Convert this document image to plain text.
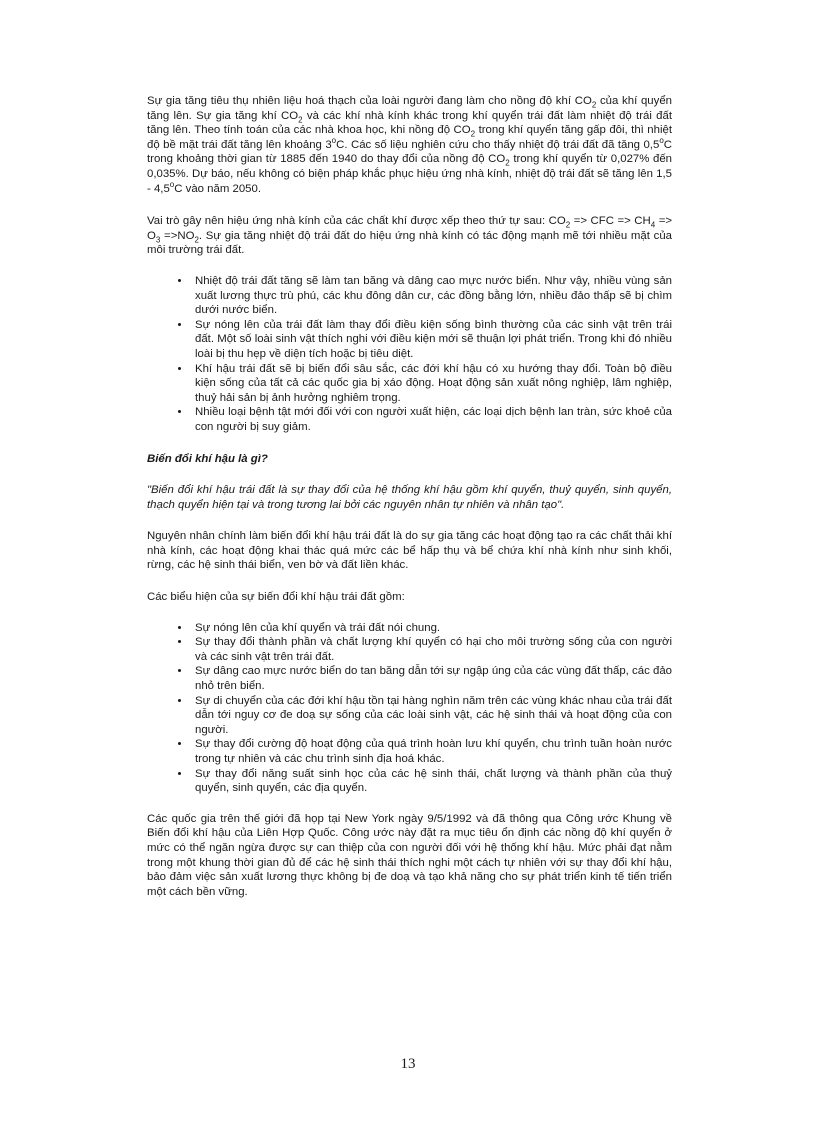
Sự gia tăng tiêu thụ nhiên liệu hoá thạch của loài người đang làm cho nồng độ khí $CO_2$ của khí quyển tăng lên. Sự gia tăng khí $CO_2$ và các khí nhà kính khác trong khí quyển trái đất làm nhiệt độ trái đất tăng lên. Theo tính toán của các nhà khoa học, khi nồng độ $CO_2$ trong khí quyển tăng gấp đôi, thì nhiệt độ bề mặt trái đất tăng lên khoảng 3$^o$C. Các số liệu nghiên cứu cho thấy nhiệt độ trái đất đã tăng 0,5$^o$C trong khoảng thời gian từ 1885 đến 1940 do thay đổi của nồng độ $CO_2$ trong khí quyển từ 0,027% đến 0,035%. Dự báo, nếu không có biện pháp khắc phục hiệu ứng nhà kính, nhiệt độ trái đất sẽ tăng lên 1,5 - 4,5$^o$C vào năm 2050.

Vai trò gây nên hiệu ứng nhà kính của các chất khí được xếp theo thứ tự sau: $CO_2$ => CFC => $CH_4 => O_3 =>NO_2$. Sự gia tăng nhiệt độ trái đất do hiệu ứng nhà kính có tác động mạnh mẽ tới nhiều mặt của môi trường trái đất.

• Nhiệt độ trái đất tăng sẽ làm tan băng và dâng cao mực nước biển. Như vậy, nhiều vùng sản xuất lương thực trù phú, các khu đông dân cư, các đồng bằng lớn, nhiều đảo thấp sẽ bị chìm dưới nước biển.
• Sự nóng lên của trái đất làm thay đổi điều kiện sống bình thường của các sinh vật trên trái đất. Một số loài sinh vật thích nghi với điều kiện mới sẽ thuận lợi phát triển. Trong khi đó nhiều loài bị thu hẹp về diện tích hoặc bị tiêu diệt.
• Khí hậu trái đất sẽ bị biến đổi sâu sắc, các đới khí hậu có xu hướng thay đổi. Toàn bộ điều kiện sống của tất cả các quốc gia bị xáo động. Hoạt động sản xuất nông nghiệp, lâm nghiệp, thuỷ hải sản bị ảnh hưởng nghiêm trọng.
• Nhiều loại bệnh tật mới đối với con người xuất hiện, các loại dịch bệnh lan tràn, sức khoẻ của con người bị suy giảm.

Biến đổi khí hậu là gì?

"Biến đổi khí hậu trái đất là sự thay đổi của hệ thống khí hậu gồm khí quyển, thuỷ quyển, sinh quyển, thạch quyển hiện tại và trong tương lai bởi các nguyên nhân tự nhiên và nhân tạo".

Nguyên nhân chính làm biến đổi khí hậu trái đất là do sự gia tăng các hoạt động tạo ra các chất thải khí nhà kính, các hoạt động khai thác quá mức các bể hấp thụ và bể chứa khí nhà kính như sinh khối, rừng, các hệ sinh thái biển, ven bờ và đất liền khác.

Các biểu hiện của sự biến đổi khí hậu trái đất gồm:

• Sự nóng lên của khí quyển và trái đất nói chung.
• Sự thay đổi thành phần và chất lượng khí quyển có hại cho môi trường sống của con người và các sinh vật trên trái đất.
• Sự dâng cao mực nước biển do tan băng dẫn tới sự ngập úng của các vùng đất thấp, các đảo nhỏ trên biển.
• Sự di chuyển của các đới khí hậu tồn tại hàng nghìn năm trên các vùng khác nhau của trái đất dẫn tới nguy cơ đe doạ sự sống của các loài sinh vật, các hệ sinh thái và hoạt động của con người.
• Sự thay đổi cường độ hoạt động của quá trình hoàn lưu khí quyển, chu trình tuần hoàn nước trong tự nhiên và các chu trình sinh địa hoá khác.
• Sự thay đổi năng suất sinh học của các hệ sinh thái, chất lượng và thành phần của thuỷ quyển, sinh quyển, các địa quyển.

Các quốc gia trên thế giới đã họp tại New York ngày 9/5/1992 và đã thông qua Công ước Khung về Biến đổi khí hậu của Liên Hợp Quốc. Công ước này đặt ra mục tiêu ổn định các nồng độ khí quyển ở mức có thể ngăn ngừa được sự can thiệp của con người đối với hệ thống khí hậu. Mức phải đạt nằm trong một khung thời gian đủ để các hệ sinh thái thích nghi một cách tự nhiên với sự thay đổi khí hậu, bảo đảm việc sản xuất lương thực không bị đe doạ và tạo khả năng cho sự phát triển kinh tế tiến triển một cách bền vững.

13
